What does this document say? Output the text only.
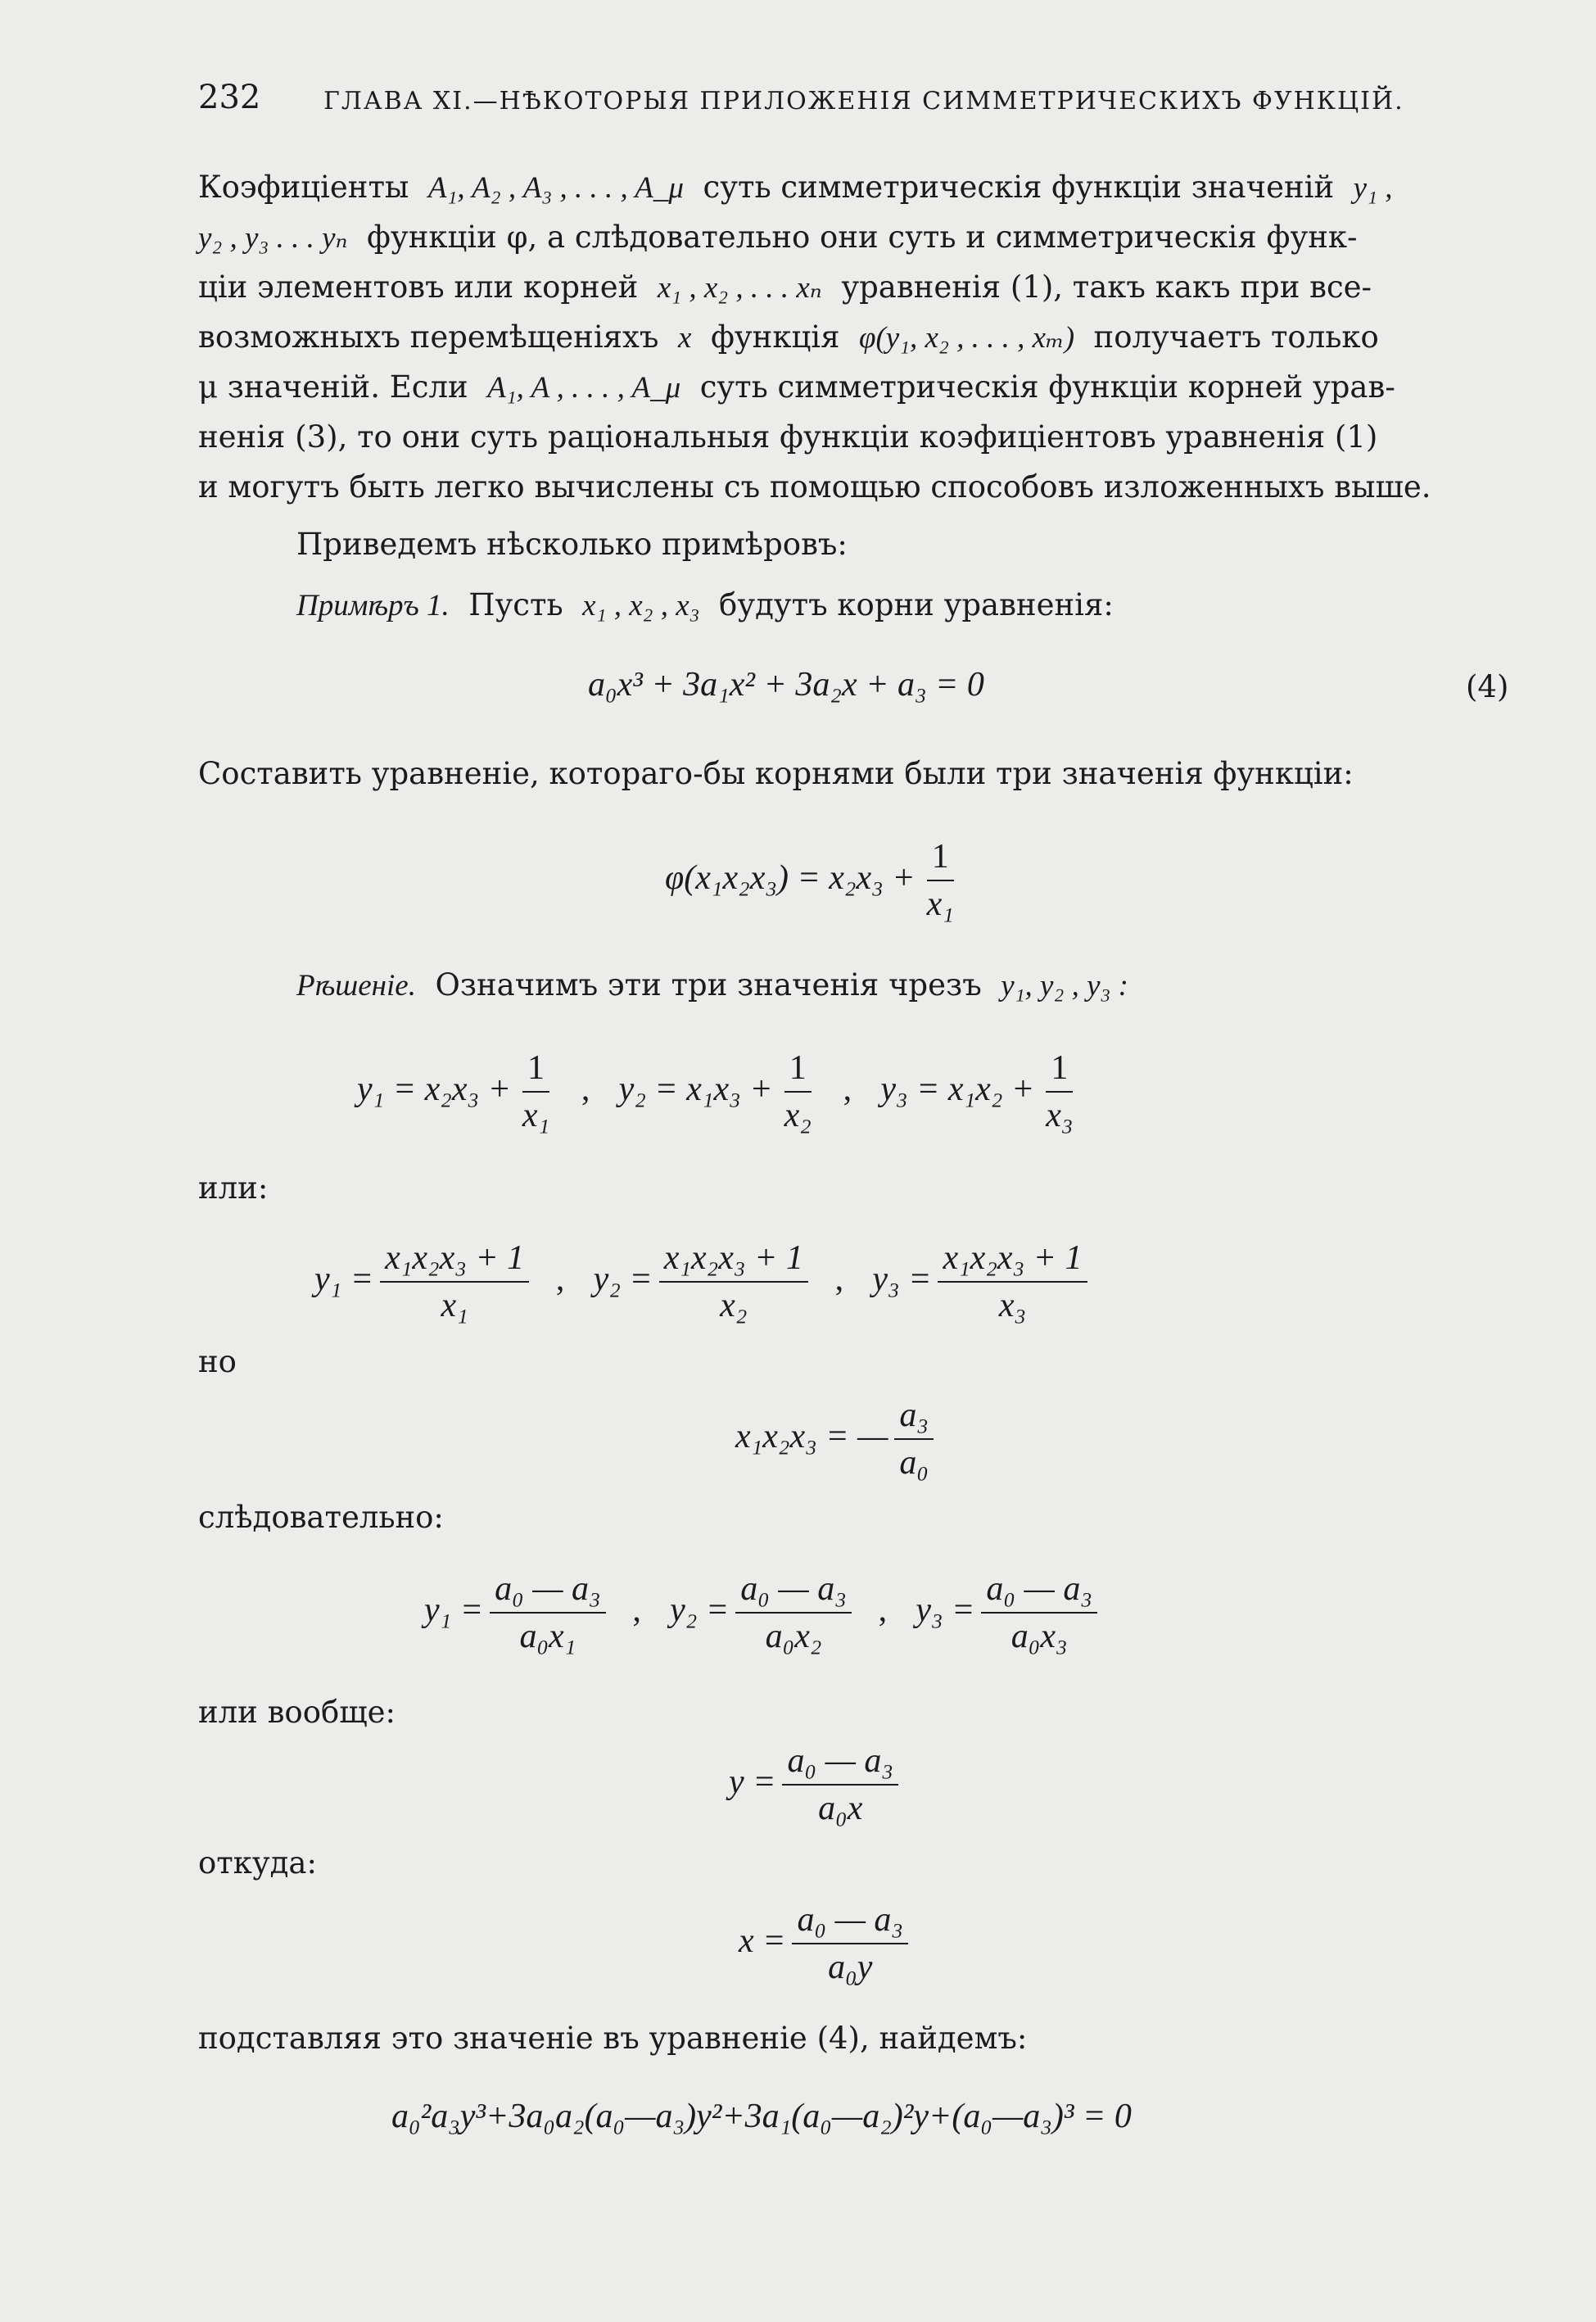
232	ГЛАВА XI.—НѢКОТОРЫЯ ПРИЛОЖЕНІЯ СИММЕТРИЧЕСКИХЪ ФУНКЦІЙ.
Коэфиціенты A₁, A₂ , A₃ , . . . , A_μ суть симметрическія функціи значеній y₁ ,
y₂ , y₃ . . . yₙ функціи φ, а слѣдовательно они суть и симметрическія функ-
ціи элементовъ или корней x₁ , x₂ , . . . xₙ уравненія (1), такъ какъ при все-
возможныхъ перемѣщеніяхъ x функція φ(y₁, x₂ , . . . , xₘ) получаетъ только
μ значеній. Если A₁, A , . . . , A_μ суть симметрическія функціи корней урав-
ненія (3), то они суть раціональныя функціи коэфиціентовъ уравненія (1)
и могутъ быть легко вычислены съ помощью способовъ изложенныхъ выше.
Приведемъ нѣсколько примѣровъ:
Примѣръ 1. Пусть x₁ , x₂ , x₃ будутъ корни уравненія:
a₀x³ + 3a₁x² + 3a₂x + a₃ = 0	(4)
Составить уравненіе, котораго-бы корнями были три значенія функціи:
$\varphi(x_1x_2x_3) = x_2x_3 + \frac{1}{\text{x₁}}$
Рѣшеніе. Означимъ эти три значенія чрезъ y₁, y₂ , y₃ :
$y_1 = x_2x_3 + \frac{1}{\text{x₁}}$ , $y_2 = x_1x_3 + \frac{1}{\text{x₂}}$ , $y_3 = x_1x_2 + \frac{1}{\text{x₃}}$
или:
$y_1 = \frac{\text{x₁x₂x₃ + 1}}{\text{x₁}}$ , $y_2 = \frac{\text{x₁x₂x₃ + 1}}{\text{x₂}}$ , $y_3 = \frac{\text{x₁x₂x₃ + 1}}{\text{x₃}}$
но
x₁x₂x₃ = — $\frac{\text{a₃}}{\text{a₀}}$
слѣдовательно:
$y_1 = \frac{\text{a₀ — a₃}}{\text{a₀x₁}}$ , $y_2 = \frac{\text{a₀ — a₃}}{\text{a₀x₂}}$ , $y_3 = \frac{\text{a₀ — a₃}}{\text{a₀x₃}}$
или вообще:
$y = \frac{\text{a₀ — a₃}}{\text{a₀x}}$
откуда:
$x = \frac{\text{a₀ — a₃}}{\text{a₀y}}$
подставляя это значеніе въ уравненіе (4), найдемъ:
a₀²a₃y³+3a₀a₂(a₀—a₃)y²+3a₁(a₀—a₂)²y+(a₀—a₃)³ = 0
